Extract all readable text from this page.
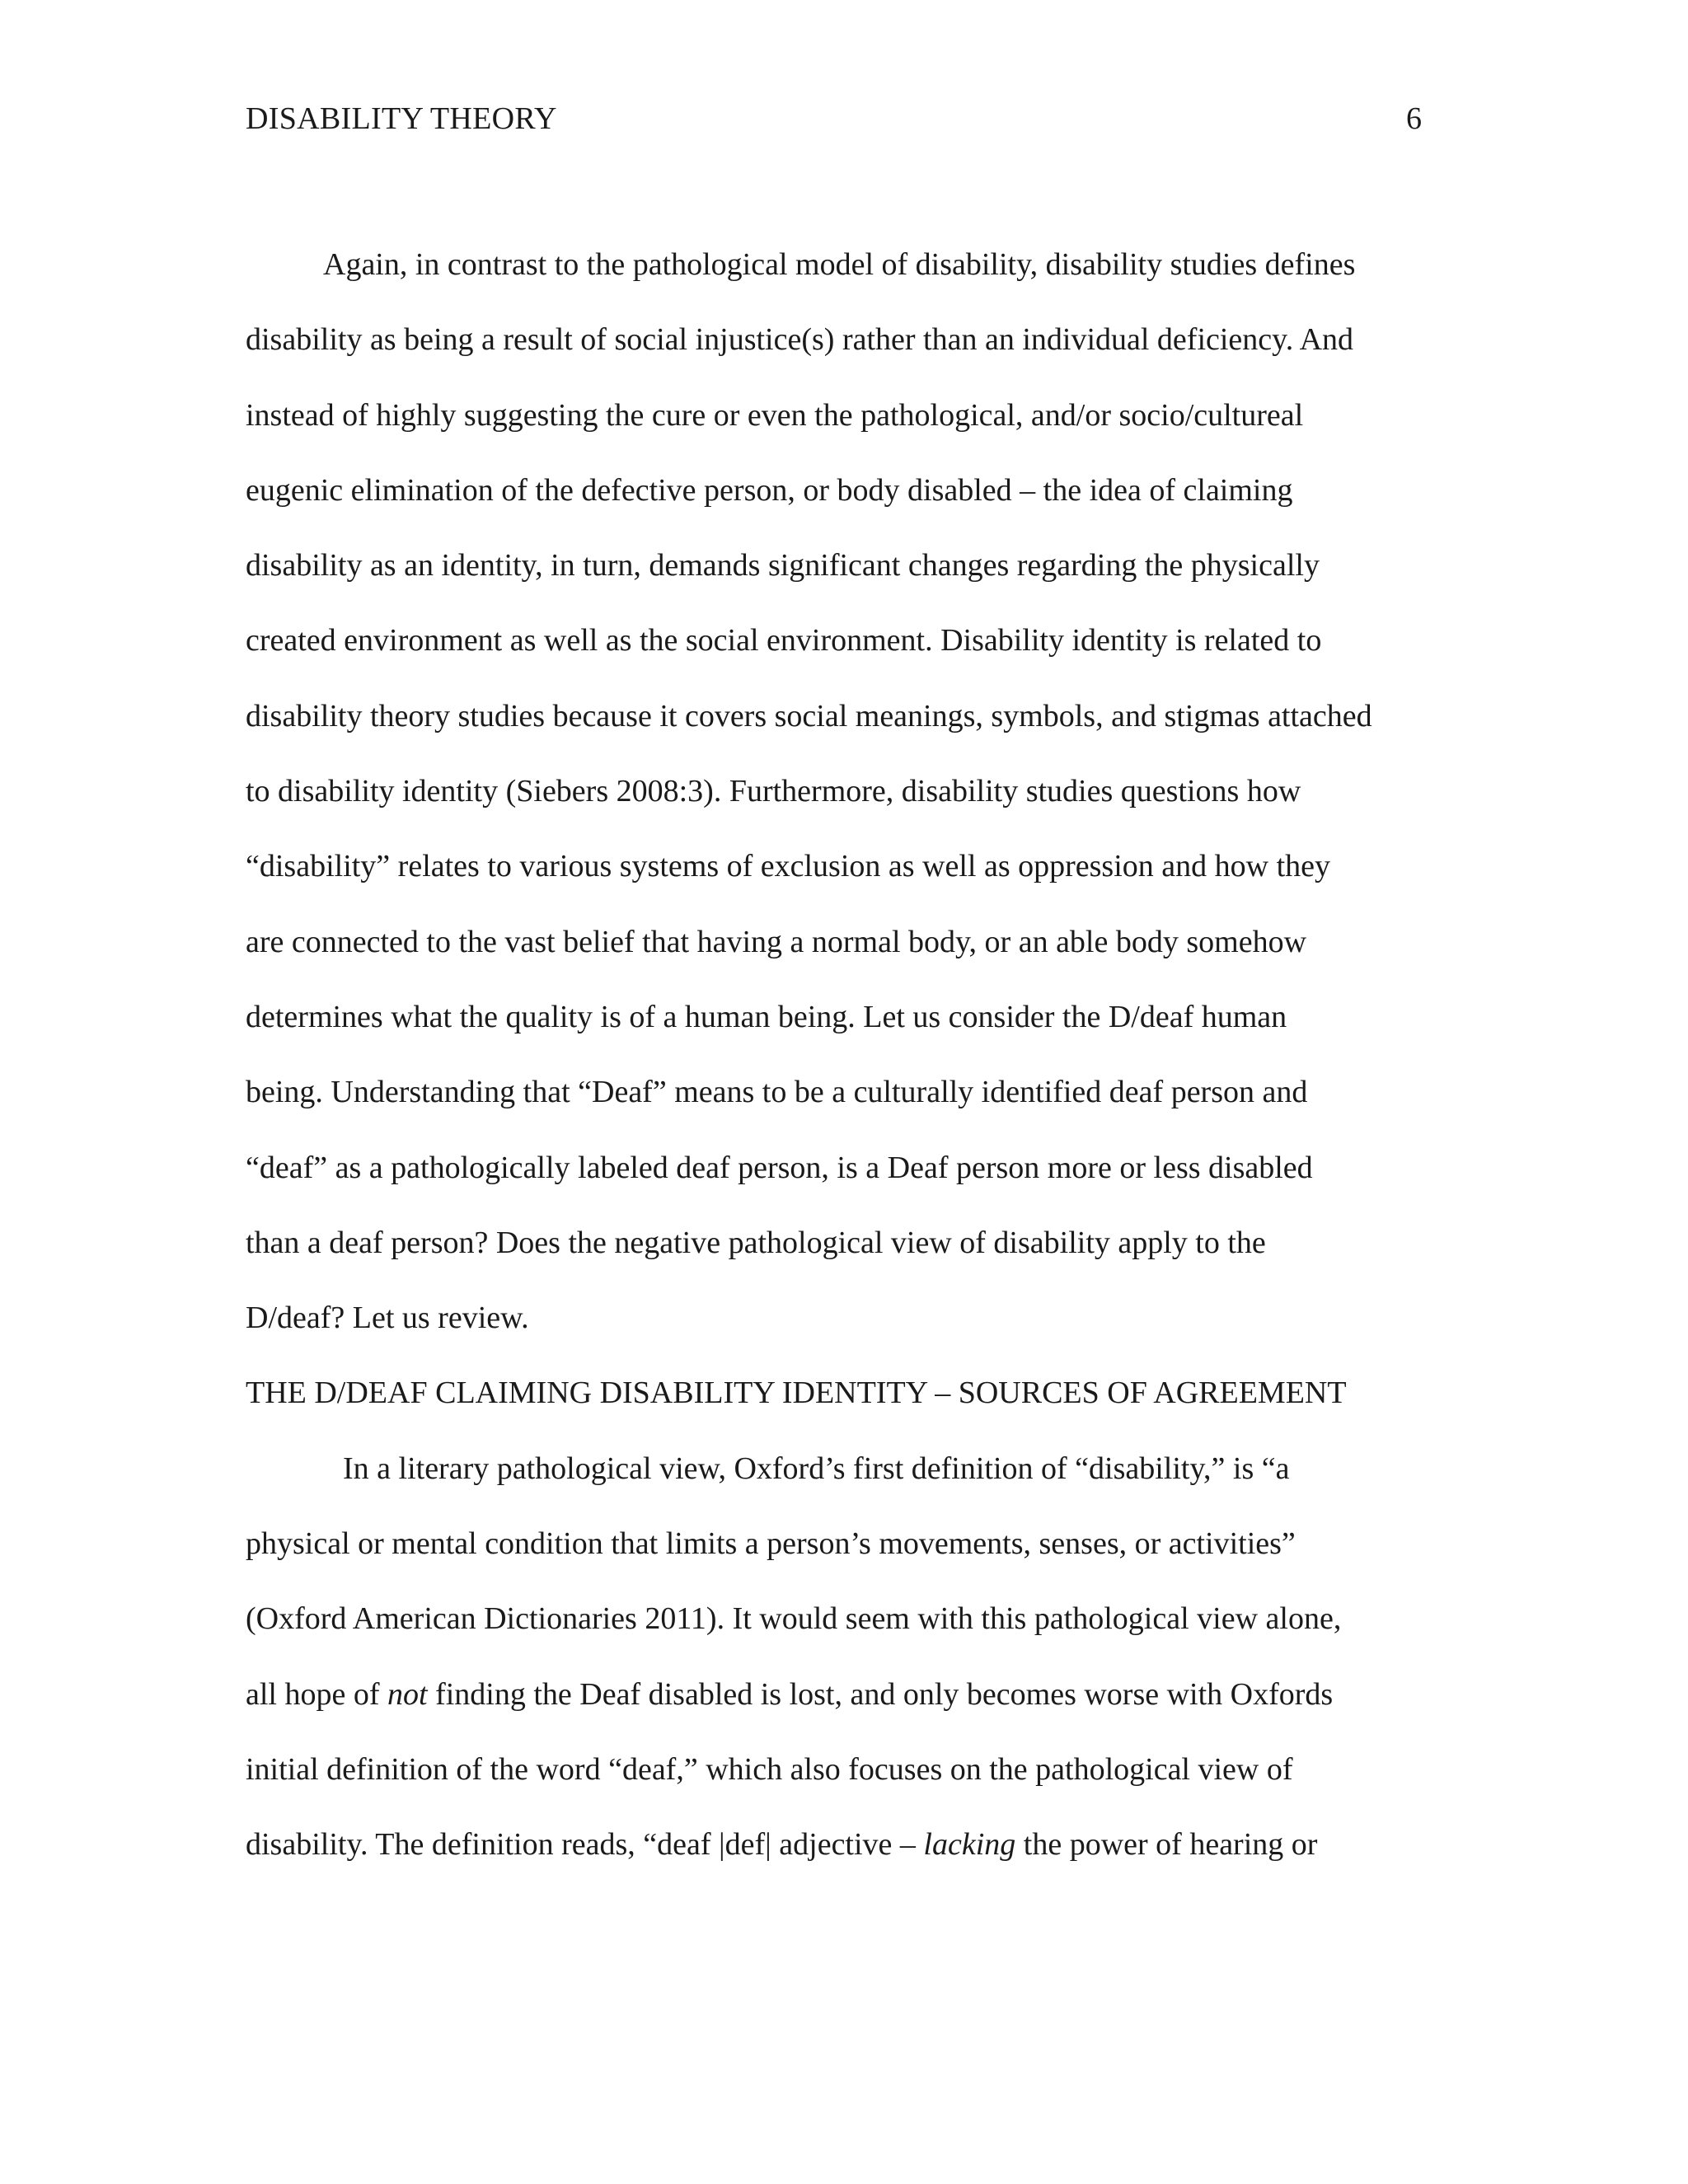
DISABILITY THEORY	6
Again, in contrast to the pathological model of disability, disability studies defines
disability as being a result of social injustice(s) rather than an individual deficiency. And
instead of highly suggesting the cure or even the pathological, and/or socio/cultureal
eugenic elimination of the defective person, or body disabled – the idea of claiming
disability as an identity, in turn, demands significant changes regarding the physically
created environment as well as the social environment. Disability identity is related to
disability theory studies because it covers social meanings, symbols, and stigmas attached
to disability identity (Siebers 2008:3). Furthermore, disability studies questions how
“disability” relates to various systems of exclusion as well as oppression and how they
are connected to the vast belief that having a normal body, or an able body somehow
determines what the quality is of a human being. Let us consider the D/deaf human
being. Understanding that “Deaf” means to be a culturally identified deaf person and
“deaf” as a pathologically labeled deaf person, is a Deaf person more or less disabled
than a deaf person? Does the negative pathological view of disability apply to the
D/deaf? Let us review.
THE D/DEAF CLAIMING DISABILITY IDENTITY – SOURCES OF AGREEMENT
In a literary pathological view, Oxford’s first definition of “disability,” is “a
physical or mental condition that limits a person’s movements, senses, or activities”
(Oxford American Dictionaries 2011). It would seem with this pathological view alone,
all hope of not finding the Deaf disabled is lost, and only becomes worse with Oxfords
initial definition of the word “deaf,” which also focuses on the pathological view of
disability. The definition reads, “deaf |def| adjective – lacking the power of hearing or
